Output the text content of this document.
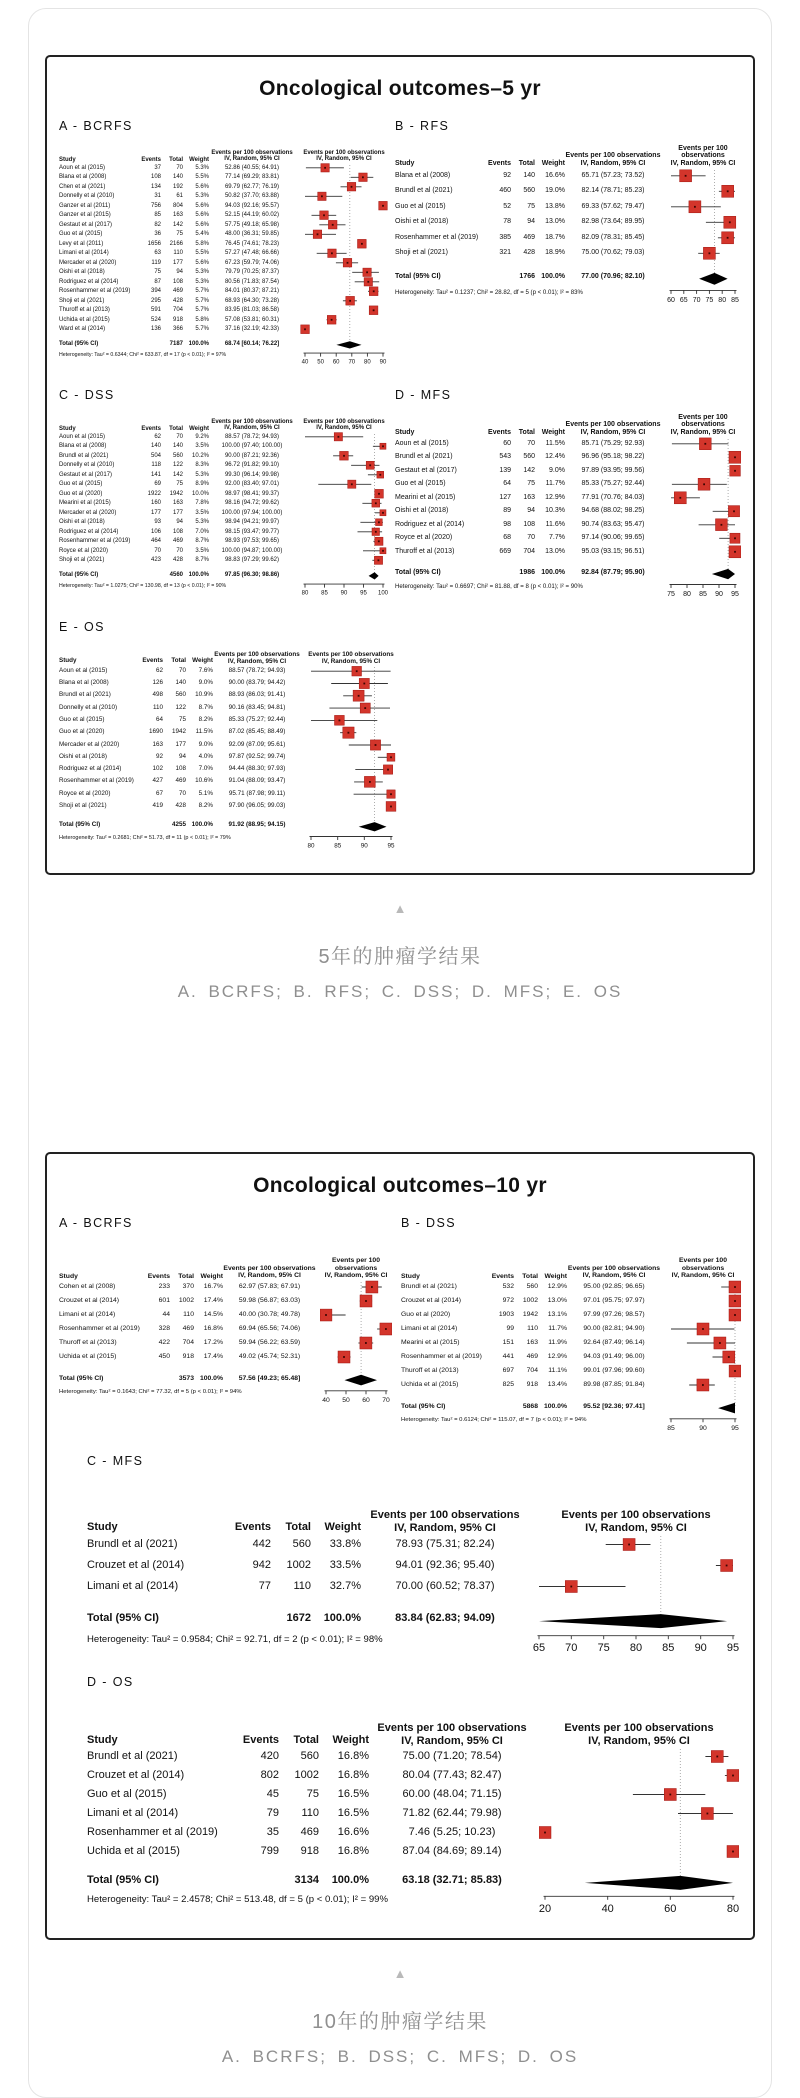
Oncological outcomes–5 yr
A - BCRFS
Study	Events	Total	Weight
Events per 100 observations
IV, Random, 95% CI
Aoun et al (2015)	37	70	5.3%	52.86 (40.55; 64.91)
Blana et al (2008)	108	140	5.5%	77.14 (69.29; 83.81)
Chen et al (2021)	134	192	5.6%	69.79 (62.77; 76.19)
Donnelly et al (2010)	31	61	5.3%	50.82 (37.70; 63.88)
Ganzer et al (2011)	756	804	5.6%	94.03 (92.16; 95.57)
Ganzer et al (2015)	85	163	5.6%	52.15 (44.19; 60.02)
Gestaut et al (2017)	82	142	5.6%	57.75 (49.18; 65.98)
Guo et al (2015)	36	75	5.4%	48.00 (36.31; 59.85)
Levy et al (2011)	1656	2166	5.8%	76.45 (74.61; 78.23)
Limani et al (2014)	63	110	5.5%	57.27 (47.48; 66.66)
Mercader et al (2020)	119	177	5.6%	67.23 (59.79; 74.06)
Oishi et al (2018)	75	94	5.3%	79.79 (70.25; 87.37)
Rodriguez et al (2014)	87	108	5.3%	80.56 (71.83; 87.54)
Rosenhammer et al (2019)	394	469	5.7%	84.01 (80.37; 87.21)
Shoji et al (2021)	295	428	5.7%	68.93 (64.30; 73.28)
Thuroff et al (2013)	591	704	5.7%	83.95 (81.03; 86.58)
Uchida et al (2015)	524	918	5.8%	57.08 (53.81; 60.31)
Ward et al (2014)	136	366	5.7%	37.16 (32.19; 42.33)
Total (95% CI)	7187 100.0%	68.74 [60.14; 76.22]
Heterogeneity: Tau² = 0.6344; Chi² = 633.87, df = 17 (p < 0.01); I² = 97%
Events per 100 observations
IV, Random, 95% CI
40 50 60 70 80 90
B - RFS
Study	Events	Total Weight
Events per 100 observations
IV, Random, 95% CI
Blana et al (2008)	92	140	16.6%	65.71 (57.23; 73.52)
Brundl et al (2021)	460	560	19.0%	82.14 (78.71; 85.23)
Guo et al (2015)	52	75	13.8%	69.33 (57.62; 79.47)
Oishi et al (2018)	78	94	13.0%	82.98 (73.64; 89.95)
Rosenhammer et al (2019)	385	469	18.7%	82.09 (78.31; 85.45)
Shoji et al (2021)	321	428	18.9%	75.00 (70.62; 79.03)
Total (95% CI)	1766 100.0%	77.00 (70.96; 82.10)
Heterogeneity: Tau² = 0.1237; Chi² = 28.82, df = 5 (p < 0.01); I² = 83%
Events per 100 observations
IV, Random, 95% CI
60 65 70 75 80 85
C - DSS
Study	Events	Total	Weight
Events per 100 observations
IV, Random, 95% CI
Aoun et al (2015)	62	70	9.2%	88.57 (78.72; 94.93)
Blana et al (2008)	140	140	3.5%	100.00 (97.40; 100.00)
Brundl et al (2021)	504	560	10.2%	90.00 (87.21; 92.36)
Donnelly et al (2010)	118	122	8.3%	96.72 (91.82; 99.10)
Gestaut et al (2017)	141	142	5.3%	99.30 (96.14; 99.98)
Guo et al (2015)	69	75	8.9%	92.00 (83.40; 97.01)
Guo et al (2020)	1922	1942	10.0%	98.97 (98.41; 99.37)
Mearini et al (2015)	160	163	7.8%	98.16 (94.72; 99.62)
Mercader et al (2020)	177	177	3.5%	100.00 (97.94; 100.00)
Oishi et al (2018)	93	94	5.3%	98.94 (94.21; 99.97)
Rodriguez et al (2014)	106	108	7.0%	98.15 (93.47; 99.77)
Rosenhammer et al (2019)	464	469	8.7%	98.93 (97.53; 99.65)
Royce et al (2020)	70	70	3.5%	100.00 (94.87; 100.00)
Shoji et al (2021)	423	428	8.7%	98.83 (97.29; 99.62)
Total (95% CI)	4560 100.0%	97.85 (96.30; 98.86)
Heterogeneity: Tau² = 1.0275; Chi² = 130.98, df = 13 (p < 0.01); I² = 90%
Events per 100 observations
IV, Random, 95% CI
80 85 90 95 100
D - MFS
Study	Events	Total Weight
Events per 100 observations
IV, Random, 95% CI
Aoun et al (2015)	60	70	11.5%	85.71 (75.29; 92.93)
Brundl et al (2021)	543	560	12.4%	96.96 (95.18; 98.22)
Gestaut et al (2017)	139	142	9.0%	97.89 (93.95; 99.56)
Guo et al (2015)	64	75	11.7%	85.33 (75.27; 92.44)
Mearini et al (2015)	127	163	12.9%	77.91 (70.76; 84.03)
Oishi et al (2018)	89	94	10.3%	94.68 (88.02; 98.25)
Rodriguez et al (2014)	98	108	11.6%	90.74 (83.63; 95.47)
Royce et al (2020)	68	70	7.7%	97.14 (90.06; 99.65)
Thuroff et al (2013)	669	704	13.0%	95.03 (93.15; 96.51)
Total (95% CI)	1986 100.0%	92.84 (87.79; 95.90)
Heterogeneity: Tau² = 0.6697; Chi² = 81.88, df = 8 (p < 0.01); I² = 90%
Events per 100 observations
IV, Random, 95% CI
75 80 85 90 95
E - OS
Study	Events	Total Weight
Events per 100 observations
IV, Random, 95% CI
Aoun et al (2015)	62	70	7.6%	88.57 (78.72; 94.93)
Blana et al (2008)	126	140	9.0%	90.00 (83.79; 94.42)
Brundl et al (2021)	498	560	10.9%	88.93 (86.03; 91.41)
Donnelly et al (2010)	110	122	8.7%	90.16 (83.45; 94.81)
Guo et al (2015)	64	75	8.2%	85.33 (75.27; 92.44)
Guo et al (2020)	1690	1942	11.5%	87.02 (85.45; 88.49)
Mercader et al (2020)	163	177	9.0%	92.09 (87.09; 95.61)
Oishi et al (2018)	92	94	4.0%	97.87 (92.52; 99.74)
Rodriguez et al (2014)	102	108	7.0%	94.44 (88.30; 97.93)
Rosenhammer et al (2019)	427	469	10.6%	91.04 (88.09; 93.47)
Royce et al (2020)	67	70	5.1%	95.71 (87.98; 99.11)
Shoji et al (2021)	419	428	8.2%	97.90 (96.05; 99.03)
Total (95% CI)	4255 100.0%	91.92 (88.95; 94.15)
Heterogeneity: Tau² = 0.2681; Chi² = 51.73, df = 11 (p < 0.01); I² = 79%
Events per 100 observations
IV, Random, 95% CI
80	85	90	95
▲
5年的肿瘤学结果
A. BCRFS; B. RFS; C. DSS; D. MFS; E. OS
Oncological outcomes–10 yr
A - BCRFS
Study	Events	Total Weight
Events per 100 observations
IV, Random, 95% CI
Cohen et al (2008)	233	370	16.7%	62.97 (57.83; 67.91)
Crouzet et al (2014)	601	1002	17.4%	59.98 (56.87; 63.03)
Limani et al (2014)	44	110	14.5%	40.00 (30.78; 49.78)
Rosenhammer et al (2019)	328	469	16.8%	69.94 (65.56; 74.06)
Thuroff et al (2013)	422	704	17.2%	59.94 (56.22; 63.59)
Uchida et al (2015)	450	918	17.4%	49.02 (45.74; 52.31)
Total (95% CI)	3573 100.0%	57.56 [49.23; 65.48]
Heterogeneity: Tau² = 0.1643; Chi² = 77.32, df = 5 (p < 0.01); I² = 94%
Events per 100 observations
IV, Random, 95% CI
40 50 60 70
B - DSS
Study	Events	Total Weight
Events per 100 observations
IV, Random, 95% CI
Brundl et al (2021)	532	560	12.9%	95.00 (92.85; 96.65)
Crouzet et al (2014)	972	1002	13.0%	97.01 (95.75; 97.97)
Guo et al (2020)	1903	1942	13.1%	97.99 (97.26; 98.57)
Limani et al (2014)	99	110	11.7%	90.00 (82.81; 94.90)
Mearini et al (2015)	151	163	11.9%	92.64 (87.49; 96.14)
Rosenhammer et al (2019)	441	469	12.9%	94.03 (91.49; 96.00)
Thuroff et al (2013)	697	704	11.1%	99.01 (97.96; 99.60)
Uchida et al (2015)	825	918	13.4%	89.98 (87.85; 91.84)
Total (95% CI)	5868 100.0%	95.52 [92.36; 97.41]
Heterogeneity: Tau² = 0.6124; Chi² = 115.07, df = 7 (p < 0.01); I² = 94%
Events per 100 observations
IV, Random, 95% CI
85	90	95
C - MFS
Study	Events	Total	Weight
Events per 100 observations
IV, Random, 95% CI
Brundl et al (2021)	442	560	33.8%	78.93 (75.31; 82.24)
Crouzet et al (2014)	942	1002	33.5%	94.01 (92.36; 95.40)
Limani et al (2014)	77	110	32.7%	70.00 (60.52; 78.37)
Total (95% CI)	1672	100.0%	83.84 (62.83; 94.09)
Heterogeneity: Tau² = 0.9584; Chi² = 92.71, df = 2 (p < 0.01); I² = 98%
Events per 100 observations
IV, Random, 95% CI
65 70 75 80 85 90 95
D - OS
Study	Events	Total	Weight
Events per 100 observations
IV, Random, 95% CI
Brundl et al (2021)	420	560	16.8%	75.00 (71.20; 78.54)
Crouzet et al (2014)	802	1002	16.8%	80.04 (77.43; 82.47)
Guo et al (2015)	45	75	16.5%	60.00 (48.04; 71.15)
Limani et al (2014)	79	110	16.5%	71.82 (62.44; 79.98)
Rosenhammer et al (2019)	35	469	16.6%	7.46 (5.25; 10.23)
Uchida et al (2015)	799	918	16.8%	87.04 (84.69; 89.14)
Total (95% CI)	3134	100.0%	63.18 (32.71; 85.83)
Heterogeneity: Tau² = 2.4578; Chi² = 513.48, df = 5 (p < 0.01); I² = 99%
Events per 100 observations
IV, Random, 95% CI
20	40	60	80
▲
10年的肿瘤学结果
A. BCRFS; B. DSS; C. MFS; D. OS
